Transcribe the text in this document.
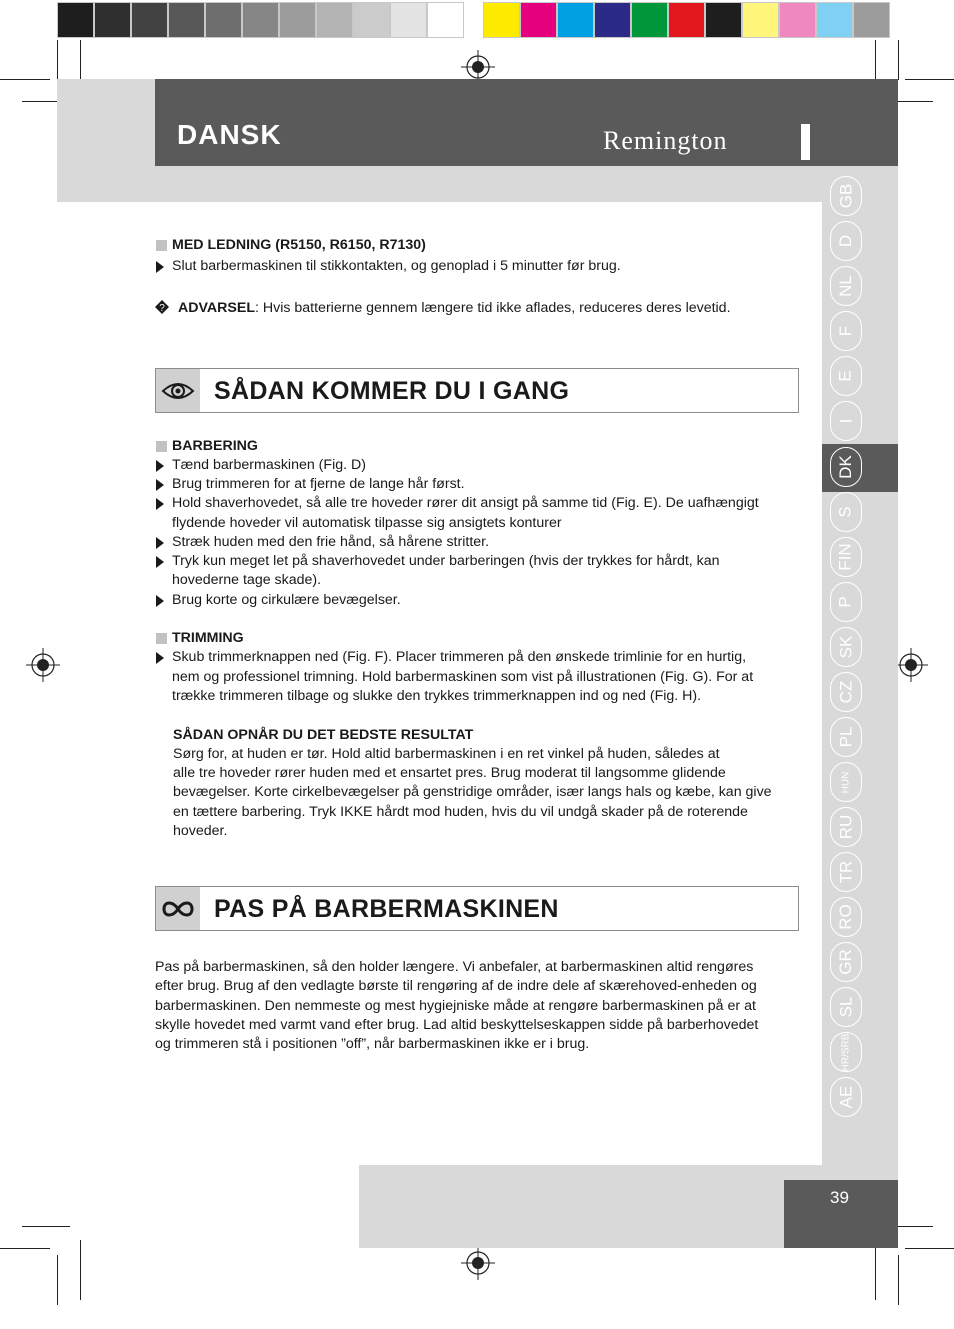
DANSK	Remington
GB
D
NL
F
E
I
DK
S
FIN
P
SK
CZ
PL
HUN
RU
TR
RO
GR
SL
HR/SRB
AE
MED LEDNING (R5150, R6150, R7130)
Slut barbermaskinen til stikkontakten, og genoplad i 5 minutter før brug.
? ADVARSEL: Hvis batterierne gennem længere tid ikke aflades, reduceres deres levetid.
SÅDAN KOMMER DU I GANG
BARBERING
Tænd barbermaskinen (Fig. D)
Brug trimmeren for at fjerne de lange hår først.
Hold shaverhovedet, så alle tre hoveder rører dit ansigt på samme tid (Fig. E). De uafhængigt
flydende hoveder vil automatisk tilpasse sig ansigtets konturer
Stræk huden med den frie hånd, så hårene stritter.
Tryk kun meget let på shaverhovedet under barberingen (hvis der trykkes for hårdt, kan
hovederne tage skade).
Brug korte og cirkulære bevægelser.
TRIMMING
Skub trimmerknappen ned (Fig. F). Placer trimmeren på den ønskede trimlinie for en hurtig,
nem og professionel trimning. Hold barbermaskinen som vist på illustrationen (Fig. G). For at
trække trimmeren tilbage og slukke den trykkes trimmerknappen ind og ned (Fig. H).
SÅDAN OPNÅR DU DET BEDSTE RESULTAT
Sørg for, at huden er tør. Hold altid barbermaskinen i en ret vinkel på huden, således at
alle tre hoveder rører huden med et ensartet pres. Brug moderat til langsomme glidende
bevægelser. Korte cirkelbevægelser på genstridige områder, især langs hals og kæbe, kan give
en tættere barbering. Tryk IKKE hårdt mod huden, hvis du vil undgå skader på de roterende
hoveder.
PAS PÅ BARBERMASKINEN
Pas på barbermaskinen, så den holder længere. Vi anbefaler, at barbermaskinen altid rengøres
efter brug. Brug af den vedlagte børste til rengøring af de indre dele af skærehoved-enheden og
barbermaskinen. Den nemmeste og mest hygiejniske måde at rengøre barbermaskinen på er at
skylle hovedet med varmt vand efter brug. Lad altid beskyttelseskappen sidde på barberhovedet
og trimmeren stå i positionen ”off”, når barbermaskinen ikke er i brug.
39
